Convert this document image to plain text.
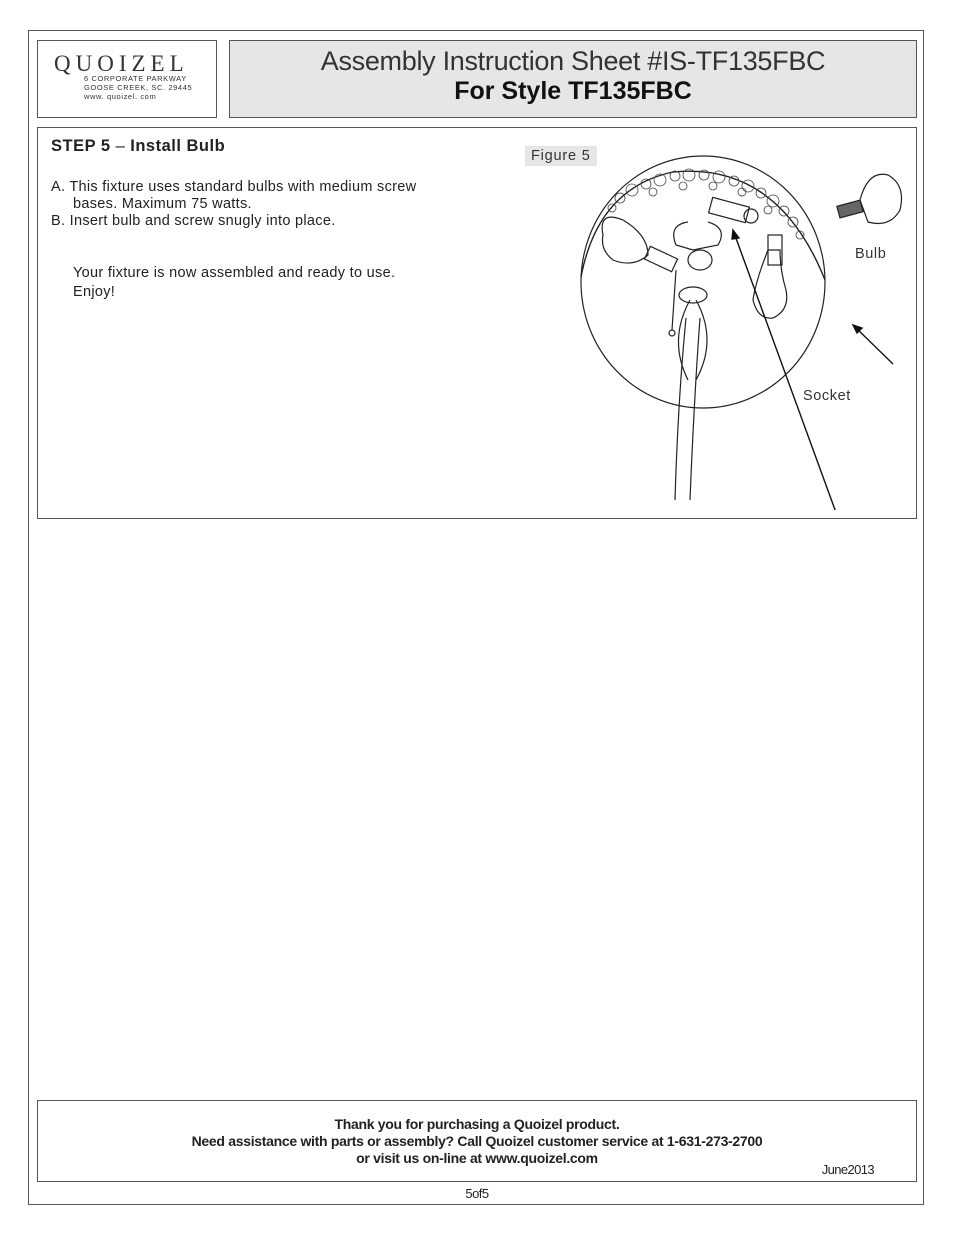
QUOIZEL
6 CORPORATE PARKWAY
GOOSE CREEK, SC. 29445
www. quoizel. com
Assembly Instruction Sheet #IS-TF135FBC
For Style TF135FBC
STEP 5 – Install Bulb
A. This fixture uses standard bulbs with medium screw
bases. Maximum 75 watts.
B. Insert bulb and screw snugly into place.
Your fixture is now assembled and ready to use.
Enjoy!
Figure 5
Bulb
Socket
Thank you for purchasing a Quoizel product.
Need assistance with parts or assembly? Call Quoizel customer service at 1-631-273-2700
or visit us on-line at www.quoizel.com
June2013
5of5
